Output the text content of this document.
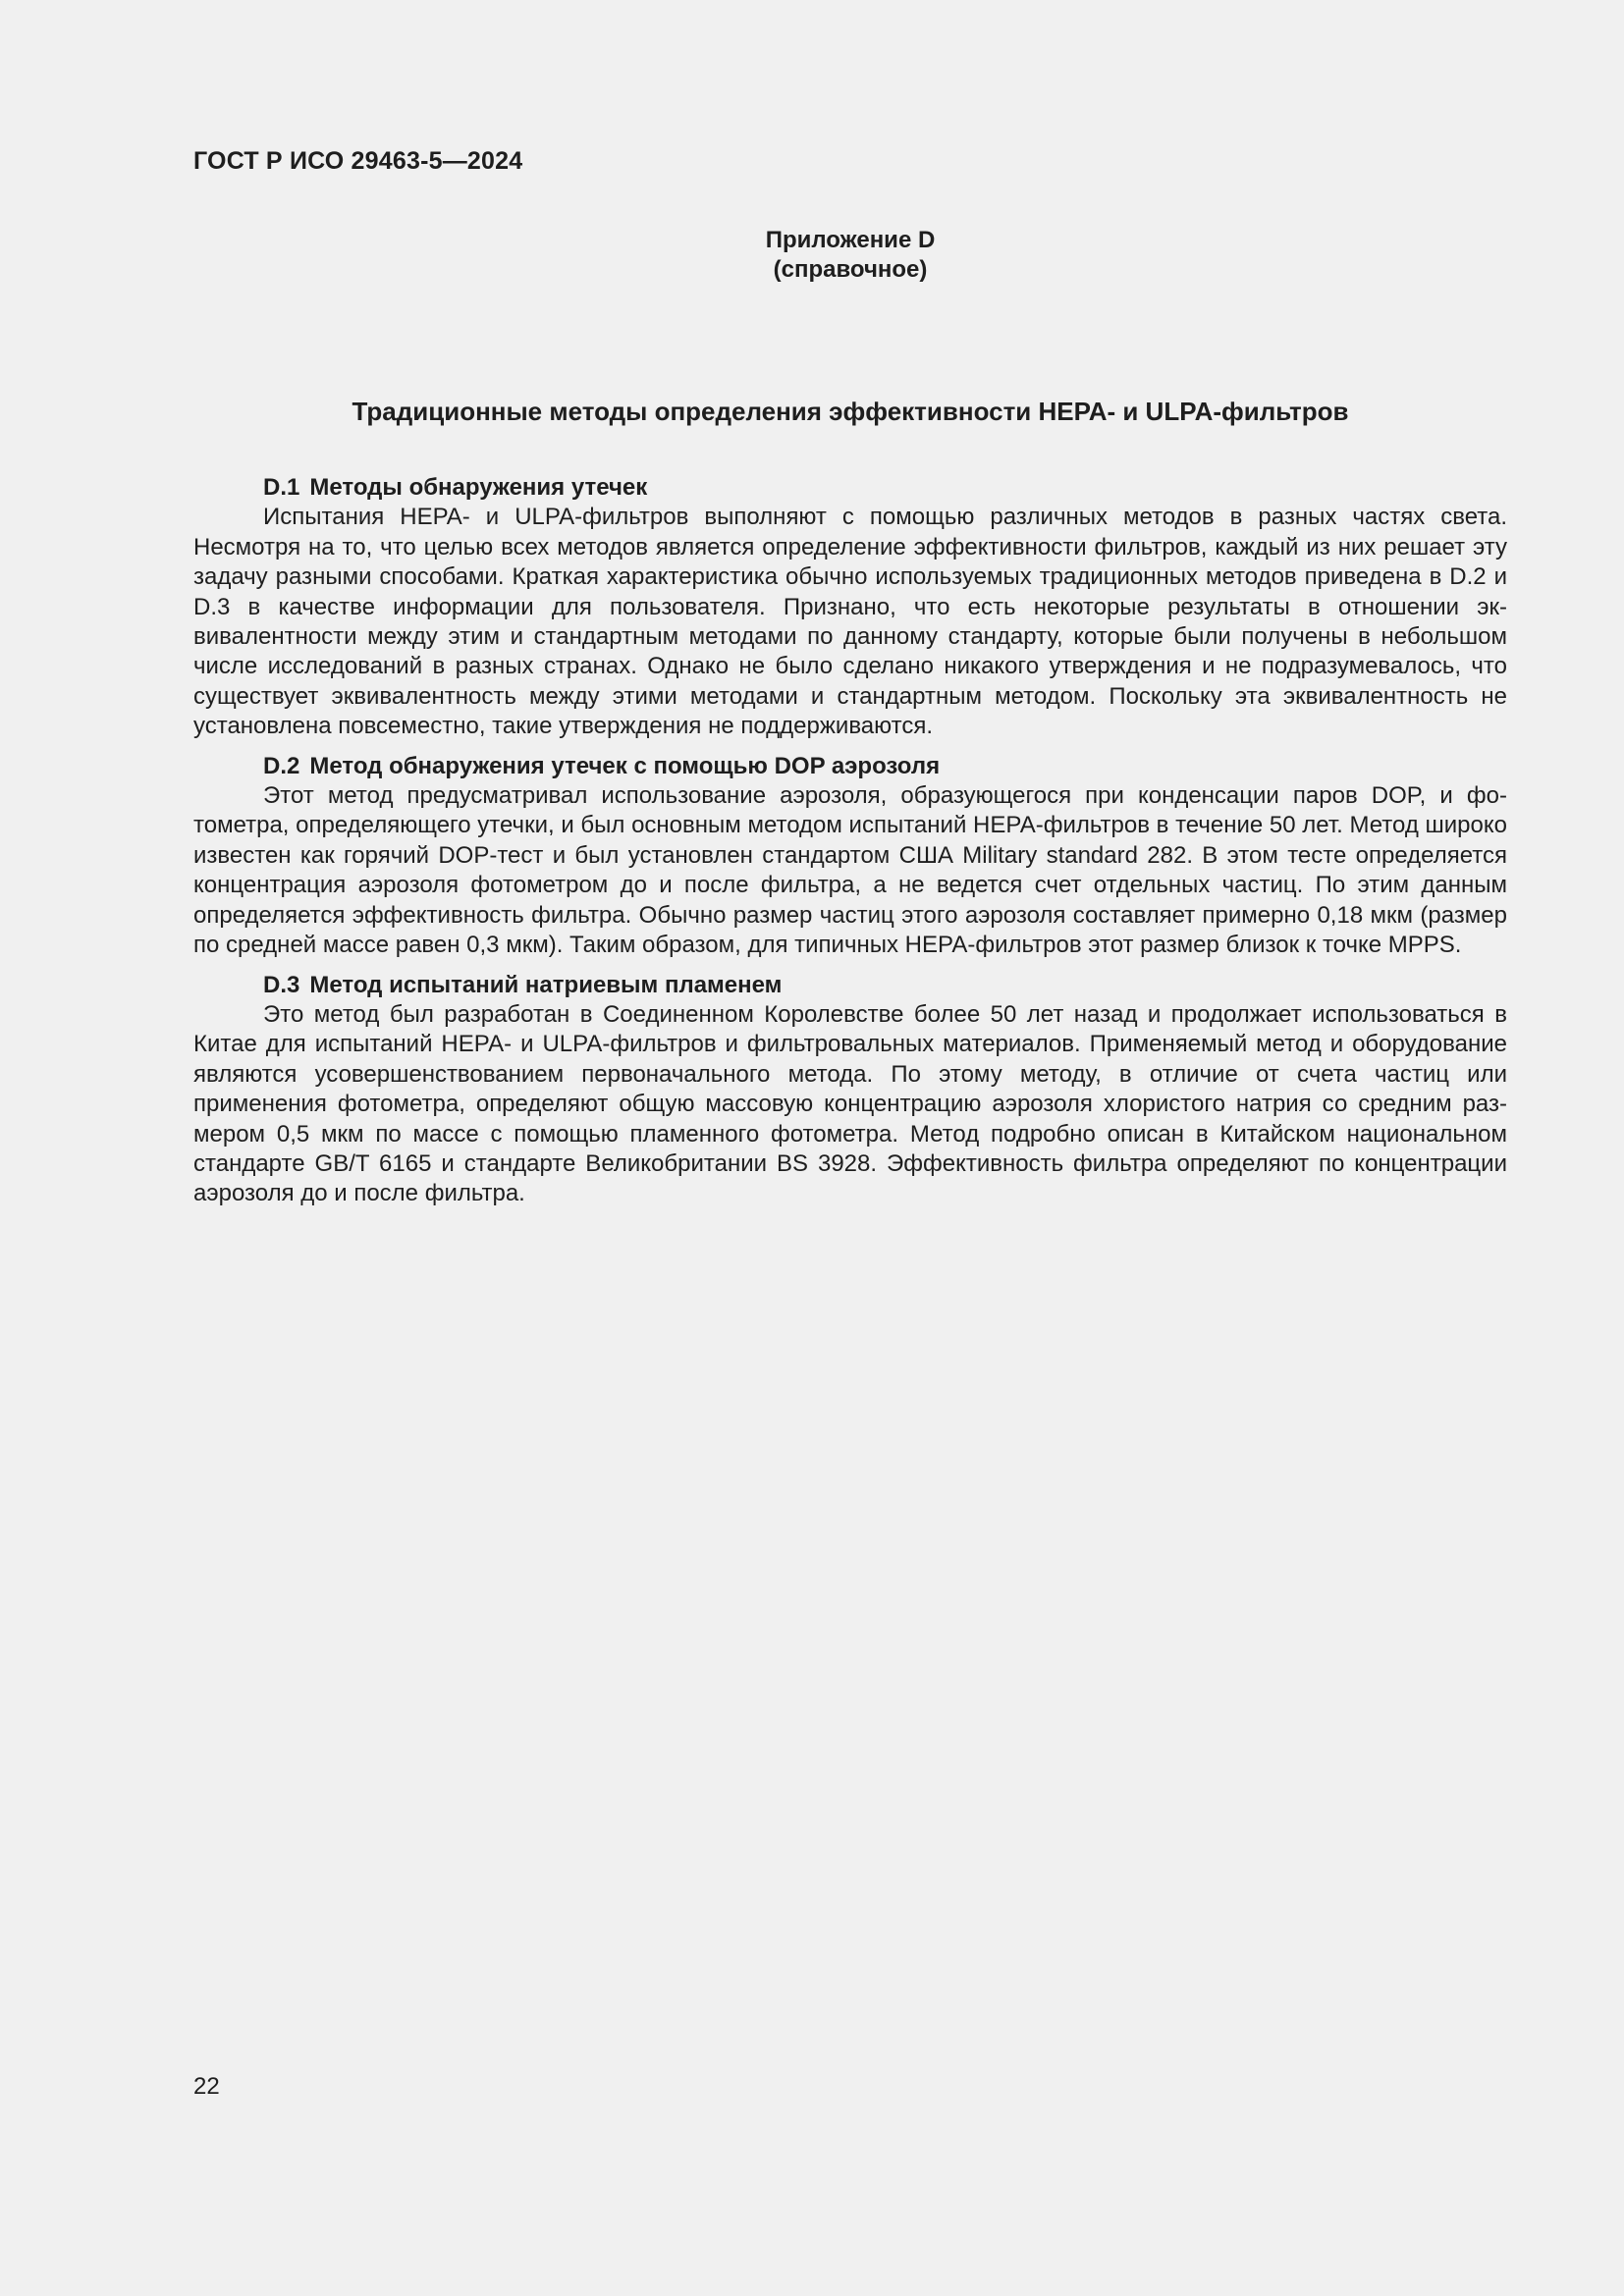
ГОСТ Р ИСО 29463-5—2024
Приложение D
(справочное)
Традиционные методы определения эффективности НЕРА- и ULPA-фильтров

D.1 Методы обнаружения утечек

Испытания HEPA- и ULPA-фильтров выполняют с помощью различных методов в разных частях света. Несмотря на то, что целью всех методов является определение эффективности фильтров, каждый из них решает эту задачу разными способами. Краткая характеристика обычно используемых традиционных методов приведена в D.2 и D.3 в качестве информации для пользователя. Признано, что есть некоторые результаты в отношении эквивалентности между этим и стандартным методами по данному стандарту, которые были получены в небольшом числе исследований в разных странах. Однако не было сделано никакого утверждения и не подразумевалось, что существует эквивалентность между этими методами и стандартным методом. Поскольку эта эквивалентность не установлена повсеместно, такие утверждения не поддерживаются.

D.2 Метод обнаружения утечек с помощью DOP аэрозоля

Этот метод предусматривал использование аэрозоля, образующегося при конденсации паров DOP, и фотометра, определяющего утечки, и был основным методом испытаний НЕРА-фильтров в течение 50 лет. Метод широко известен как горячий DOP-тест и был установлен стандартом США Military standard 282. В этом тесте определяется концентрация аэрозоля фотометром до и после фильтра, а не ведется счет отдельных частиц. По этим данным определяется эффективность фильтра. Обычно размер частиц этого аэрозоля составляет примерно 0,18 мкм (размер по средней массе равен 0,3 мкм). Таким образом, для типичных НЕРА-фильтров этот размер близок к точке MPPS.

D.3 Метод испытаний натриевым пламенем

Это метод был разработан в Соединенном Королевстве более 50 лет назад и продолжает использоваться в Китае для испытаний НЕРА- и ULPA-фильтров и фильтровальных материалов. Применяемый метод и оборудование являются усовершенствованием первоначального метода. По этому методу, в отличие от счета частиц или применения фотометра, определяют общую массовую концентрацию аэрозоля хлористого натрия со средним размером 0,5 мкм по массе с помощью пламенного фотометра. Метод подробно описан в Китайском национальном стандарте GB/T 6165 и стандарте Великобритании BS 3928. Эффективность фильтра определяют по концентрации аэрозоля до и после фильтра.

22
